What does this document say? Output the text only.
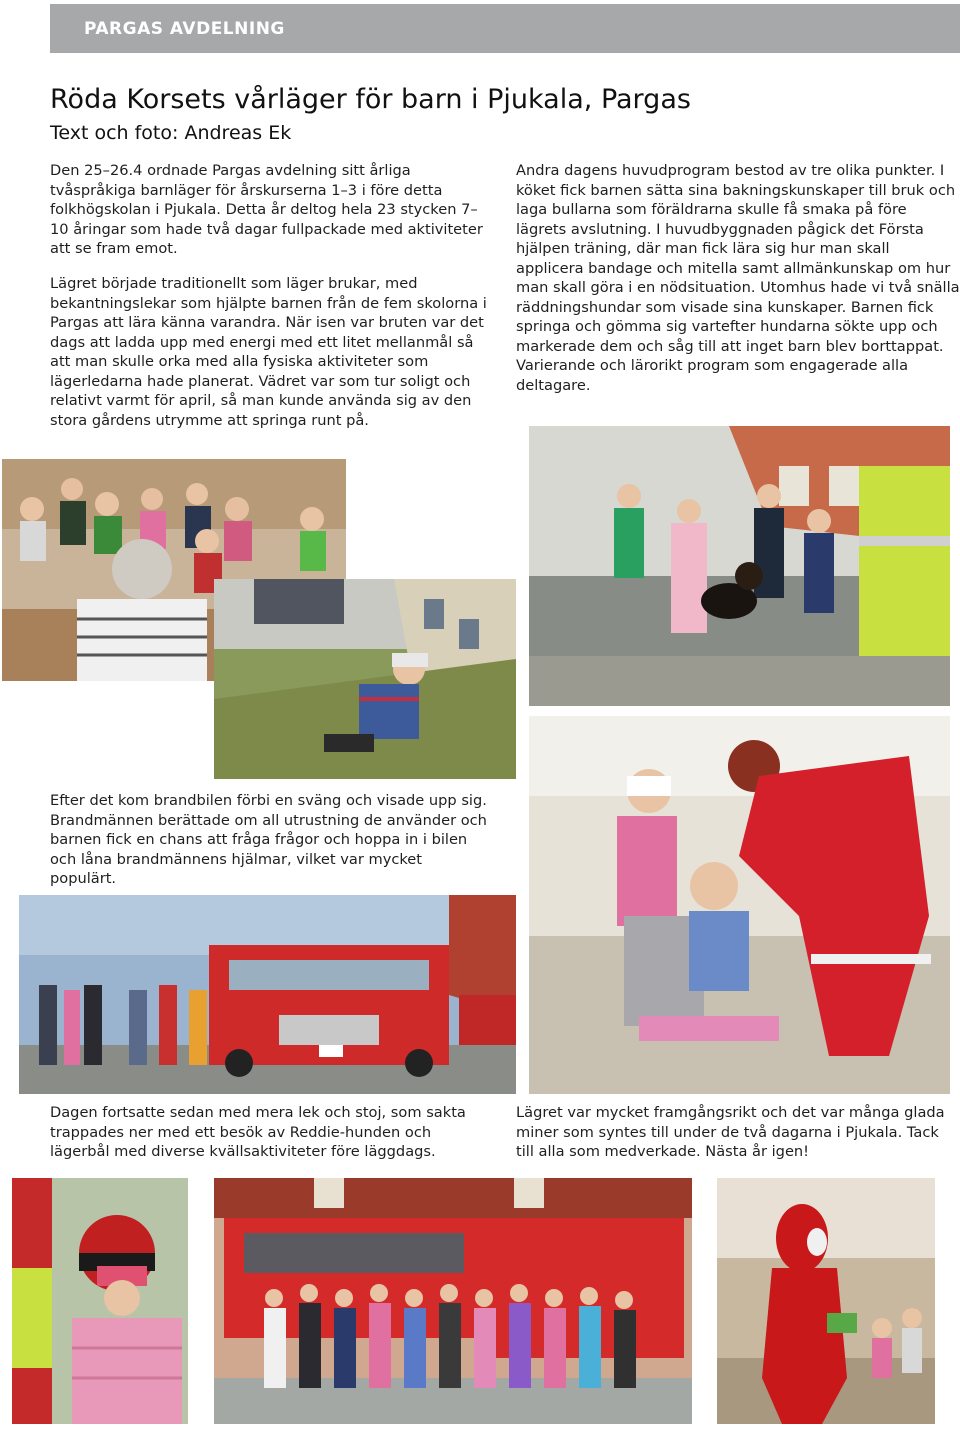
PARGAS AVDELNING
Röda Korsets vårläger för barn i Pjukala, Pargas
Text och foto: Andreas Ek

Den 25–26.4 ordnade Pargas avdelning sitt årliga tvåspråkiga barnläger för årskurserna 1–3 i före detta folkhögskolan i Pjukala. Detta år deltog hela 23 stycken 7–10 åringar som hade två dagar fullpackade med aktiviteter att se fram emot.

Lägret började traditionellt som läger brukar, med bekantningslekar som hjälpte barnen från de fem skolorna i Pargas att lära känna varandra. När isen var bruten var det dags att ladda upp med energi med ett litet mellanmål så att man skulle orka med alla fysiska aktiviteter som lägerledarna hade planerat. Vädret var som tur soligt och relativt varmt för april, så man kunde använda sig av den stora gårdens utrymme att springa runt på.

Andra dagens huvudprogram bestod av tre olika punkter. I köket fick barnen sätta sina bakningskunskaper till bruk och laga bullarna som föräldrarna skulle få smaka på före lägrets avslutning. I huvudbyggnaden pågick det Första hjälpen träning, där man fick lära sig hur man skall applicera bandage och mitella samt allmänkunskap om hur man skall göra i en nödsituation. Utomhus hade vi två snälla räddningshundar som visade sina kunskaper. Barnen fick springa och gömma sig vartefter hundarna sökte upp och markerade dem och såg till att inget barn blev borttappat. Varierande och lärorikt program som engagerade alla deltagare.

Efter det kom brandbilen förbi en sväng och visade upp sig. Brandmännen berättade om all utrustning de använder och barnen fick en chans att fråga frågor och hoppa in i bilen och låna brandmännens hjälmar, vilket var mycket populärt.

Dagen fortsatte sedan med mera lek och stoj, som sakta trappades ner med ett besök av Reddie-hunden och lägerbål med diverse kvällsaktiviteter före läggdags.

Lägret var mycket framgångsrikt och det var många glada miner som syntes till under de två dagarna i Pjukala. Tack till alla som medverkade. Nästa år igen!
